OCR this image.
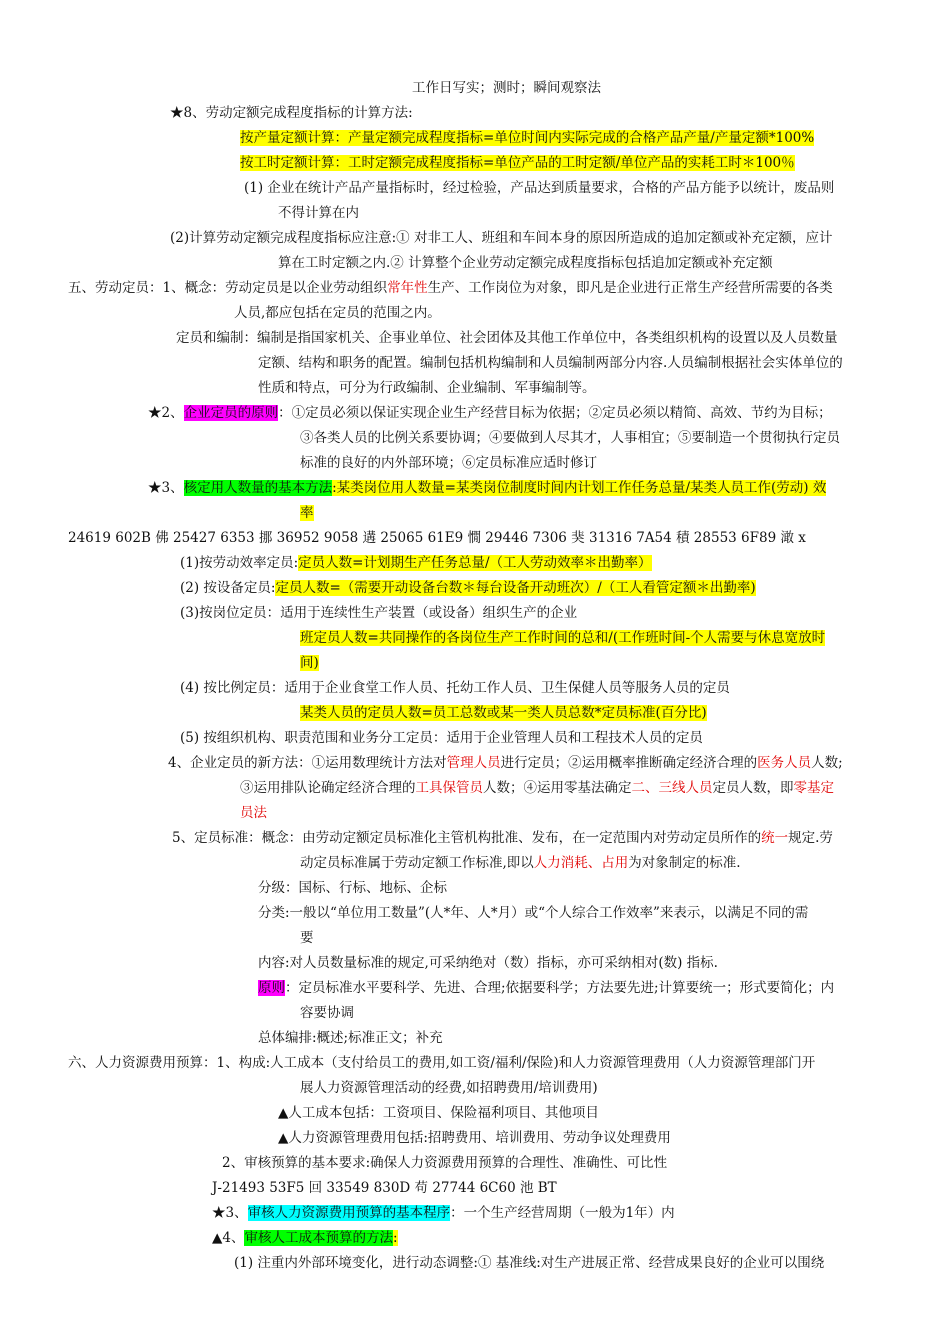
工作日写实；测时；瞬间观察法
★8、劳动定额完成程度指标的计算方法:
按产量定额计算：产量定额完成程度指标=单位时间内实际完成的合格产品产量/产量定额*100%
按工时定额计算：工时定额完成程度指标=单位产品的工时定额/单位产品的实耗工时＊100％
(1) 企业在统计产品产量指标时，经过检验，产品达到质量要求，合格的产品方能予以统计，废品则
不得计算在内
(2)计算劳动定额完成程度指标应注意:① 对非工人、班组和车间本身的原因所造成的追加定额或补充定额，应计
算在工时定额之内.② 计算整个企业劳动定额完成程度指标包括追加定额或补充定额
五、劳动定员：1、概念：劳动定员是以企业劳动组织常年性生产、工作岗位为对象，即凡是企业进行正常生产经营所需要的各类
人员,都应包括在定员的范围之内。
定员和编制：编制是指国家机关、企事业单位、社会团体及其他工作单位中，各类组织机构的设置以及人员数量
定额、结构和职务的配置。编制包括机构编制和人员编制两部分内容.人员编制根据社会实体单位的
性质和特点，可分为行政编制、企业编制、军事编制等。
★2、企业定员的原则：①定员必须以保证实现企业生产经营目标为依据；②定员必须以精简、高效、节约为目标；
③各类人员的比例关系要协调；④要做到人尽其才，人事相宜；⑤要制造一个贯彻执行定员
标准的良好的内外部环境；⑥定员标准应适时修订
★3、核定用人数量的基本方法:某类岗位用人数量=某类岗位制度时间内计划工作任务总量/某类人员工作(劳动) 效
率
24619 602B 佛 25427 6353 挪 36952 9058 遘 25065 61E9 憪 29446 7306 猆 31316 7A54 積 28553 6F89 澉 x
(1)按劳动效率定员:定员人数=计划期生产任务总量/（工人劳动效率＊出勤率）
(2) 按设备定员:定员人数=（需要开动设备台数＊每台设备开动班次）/（工人看管定额＊出勤率)
(3)按岗位定员：适用于连续性生产装置（或设备）组织生产的企业
班定员人数=共同操作的各岗位生产工作时间的总和/(工作班时间-个人需要与休息宽放时
间)
(4) 按比例定员：适用于企业食堂工作人员、托幼工作人员、卫生保健人员等服务人员的定员
某类人员的定员人数=员工总数或某一类人员总数*定员标准(百分比)
(5) 按组织机构、职责范围和业务分工定员：适用于企业管理人员和工程技术人员的定员
4、企业定员的新方法：①运用数理统计方法对管理人员进行定员；②运用概率推断确定经济合理的医务人员人数;
③运用排队论确定经济合理的工具保管员人数；④运用零基法确定二、三线人员定员人数，即零基定
员法
5、定员标准：概念：由劳动定额定员标准化主管机构批准、发布，在一定范围内对劳动定员所作的统一规定.劳
动定员标准属于劳动定额工作标准,即以人力消耗、占用为对象制定的标准.
分级：国标、行标、地标、企标
分类:一般以“单位用工数量”(人*年、人*月）或“个人综合工作效率”来表示，以满足不同的需
要
内容:对人员数量标准的规定,可采纳绝对（数）指标，亦可采纳相对(数) 指标.
原则：定员标准水平要科学、先进、合理;依据要科学；方法要先进;计算要统一；形式要简化；内
容要协调
总体编排:概述;标准正文；补充
六、人力资源费用预算：1、构成:人工成本（支付给员工的费用,如工资/福利/保险)和人力资源管理费用（人力资源管理部门开
展人力资源管理活动的经费,如招聘费用/培训费用)
▲人工成本包括：工资项目、保险福利项目、其他项目
▲人力资源管理费用包括:招聘费用、培训费用、劳动争议处理费用
2、审核预算的基本要求:确保人力资源费用预算的合理性、准确性、可比性
J-21493 53F5 回 33549 830D 苟 27744 6C60 池 BT
★3、审核人力资源费用预算的基本程序：一个生产经营周期（一般为1年）内
▲4、审核人工成本预算的方法:
(1) 注重内外部环境变化，进行动态调整:① 基准线:对生产进展正常、经营成果良好的企业可以围绕
